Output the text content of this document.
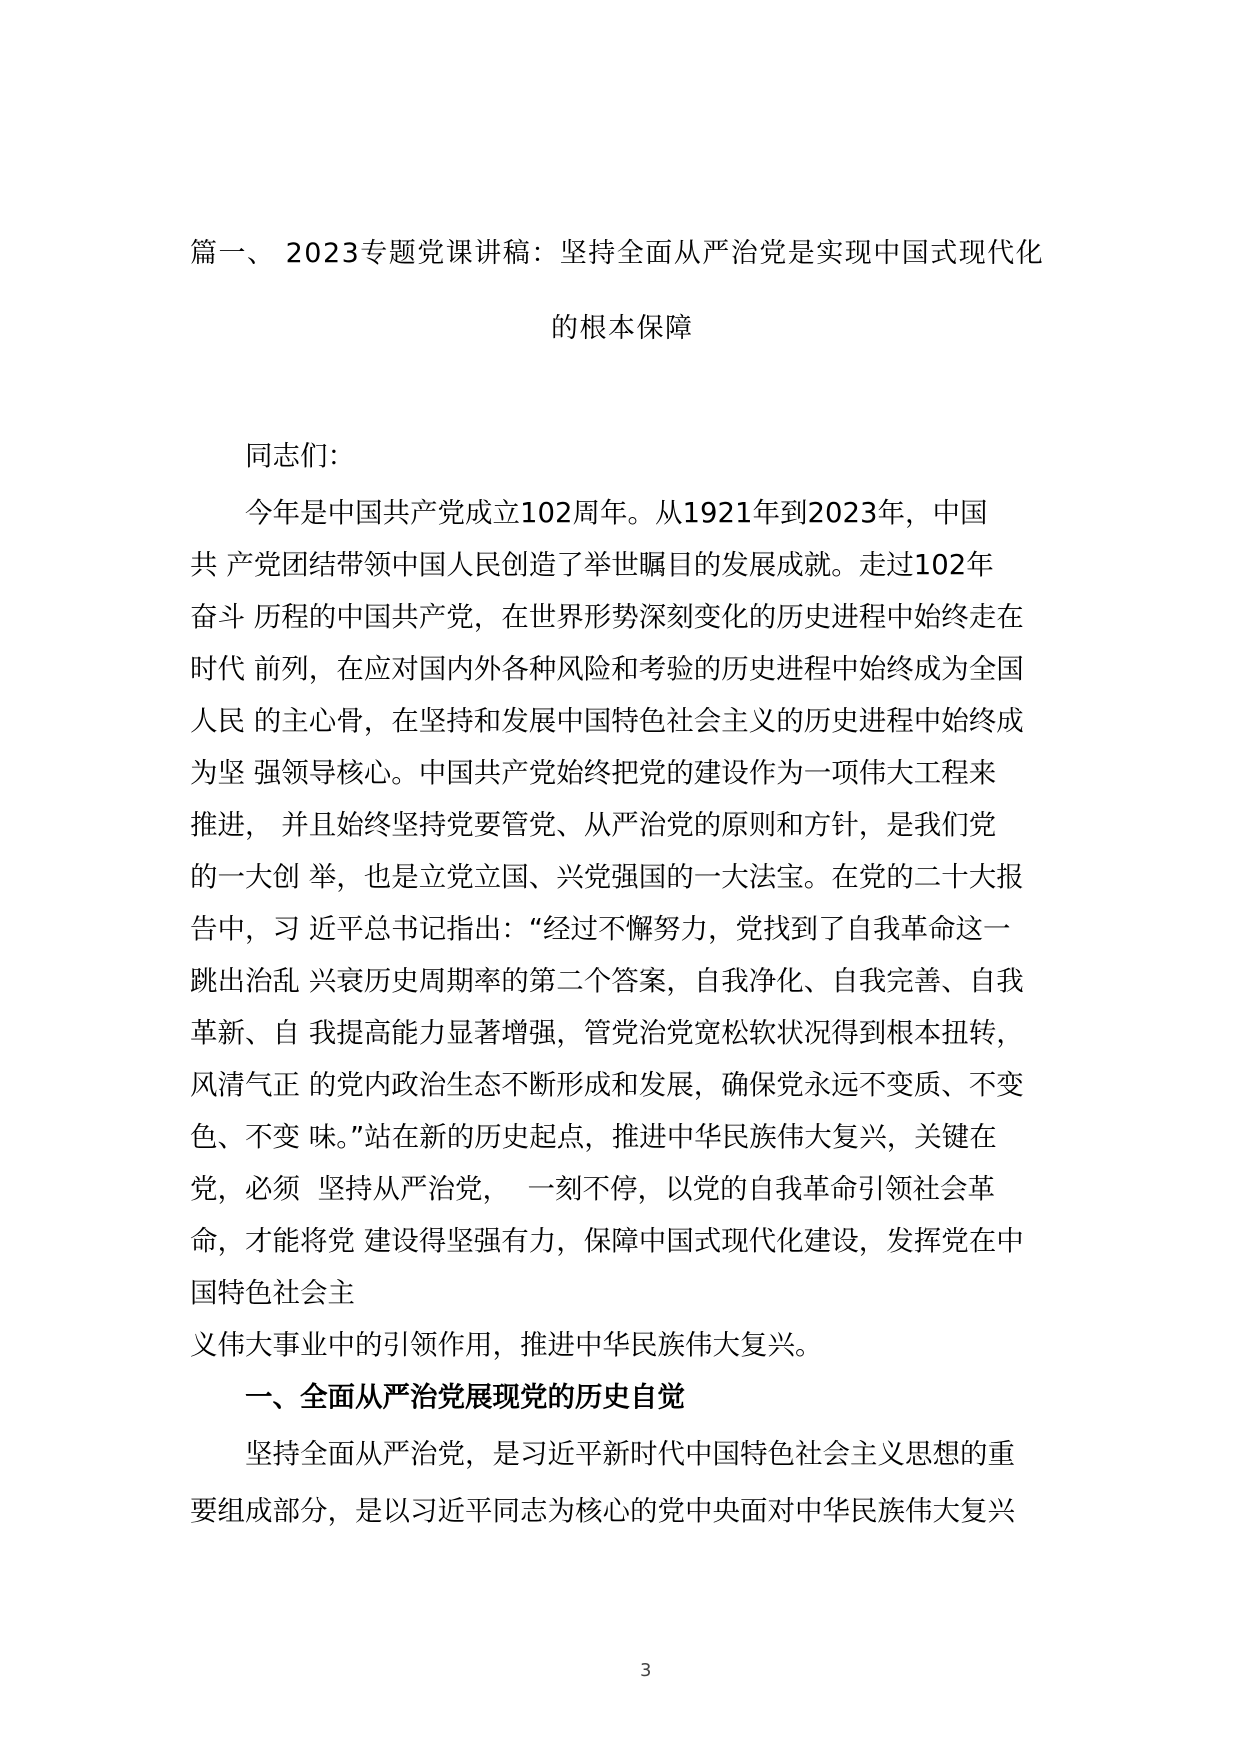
篇一、 2023专题党课讲稿：坚持全面从严治党是实现中国式现代化
的根本保障
同志们：
今年是中国共产党成立102周年。从1921年到2023年，中国
共 产党团结带领中国人民创造了举世瞩目的发展成就。走过102年
奋斗 历程的中国共产党，在世界形势深刻变化的历史进程中始终走在
时代 前列，在应对国内外各种风险和考验的历史进程中始终成为全国
人民 的主心骨，在坚持和发展中国特色社会主义的历史进程中始终成
为坚 强领导核心。中国共产党始终把党的建设作为一项伟大工程来
推进， 并且始终坚持党要管党、从严治党的原则和方针，是我们党
的一大创 举，也是立党立国、兴党强国的一大法宝。在党的二十大报
告中，习 近平总书记指出：“经过不懈努力，党找到了自我革命这一
跳出治乱 兴衰历史周期率的第二个答案，自我净化、自我完善、自我
革新、自 我提高能力显著增强，管党治党宽松软状况得到根本扭转，
风清气正 的党内政治生态不断形成和发展，确保党永远不变质、不变
色、不变 味。”站在新的历史起点，推进中华民族伟大复兴，关键在
党，必须  坚持从严治党，  一刻不停，以党的自我革命引领社会革
命，才能将党 建设得坚强有力，保障中国式现代化建设，发挥党在中
国特色社会主
义伟大事业中的引领作用，推进中华民族伟大复兴。
一、全面从严治党展现党的历史自觉
坚持全面从严治党，是习近平新时代中国特色社会主义思想的重
要组成部分，是以习近平同志为核心的党中央面对中华民族伟大复兴
3
